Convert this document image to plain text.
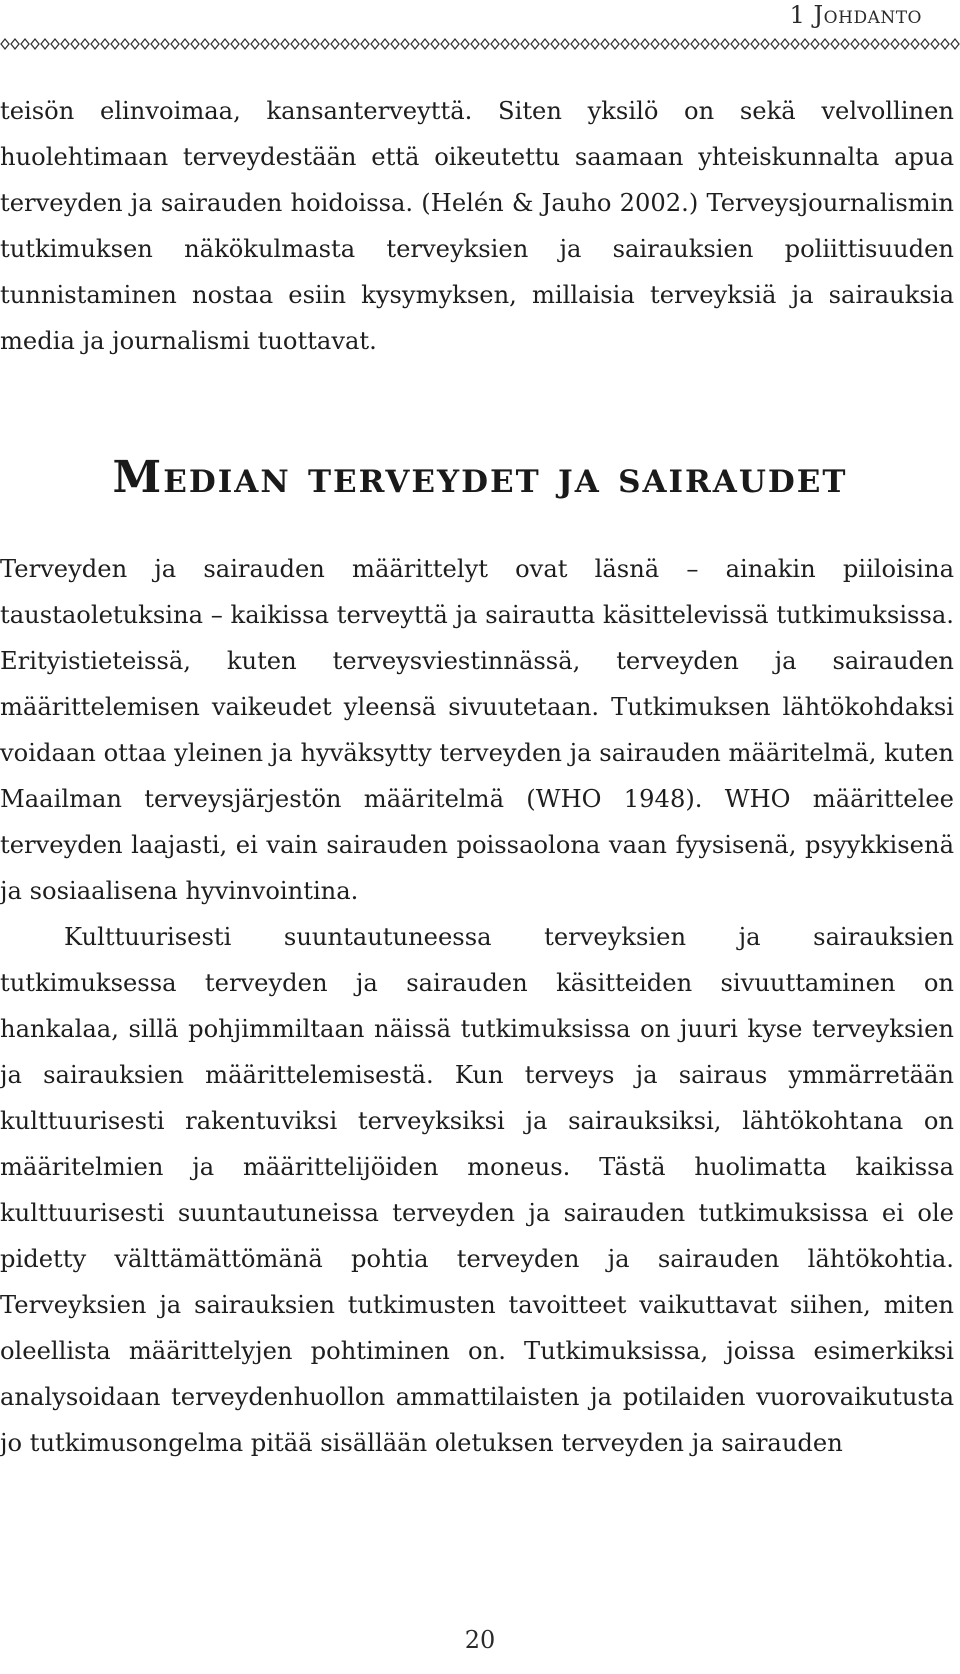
1 Johdanto

teisön elinvoimaa, kansanterveyttä. Siten yksilö on sekä velvollinen huolehtimaan terveydestään että oikeutettu saamaan yhteiskunnalta apua terveyden ja sairauden hoidoissa. (Helén & Jauho 2002.) Terveysjournalismin tutkimuksen näkökulmasta terveyksien ja sairauksien poliittisuuden tunnistaminen nostaa esiin kysymyksen, millaisia terveyksiä ja sairauksia media ja journalismi tuottavat.

Median terveydet ja sairaudet

Terveyden ja sairauden määrittelyt ovat läsnä – ainakin piiloisina taustaoletuksina – kaikissa terveyttä ja sairautta käsittelevissä tutkimuksissa. Erityistieteissä, kuten terveysviestinnässä, terveyden ja sairauden määrittelemisen vaikeudet yleensä sivuutetaan. Tutkimuksen lähtökohdaksi voidaan ottaa yleinen ja hyväksytty terveyden ja sairauden määritelmä, kuten Maailman terveysjärjestön määritelmä (WHO 1948). WHO määrittelee terveyden laajasti, ei vain sairauden poissaolona vaan fyysisenä, psyykkisenä ja sosiaalisena hyvinvointina.

Kulttuurisesti suuntautuneessa terveyksien ja sairauksien tutkimuksessa terveyden ja sairauden käsitteiden sivuuttaminen on hankalaa, sillä pohjimmiltaan näissä tutkimuksissa on juuri kyse terveyksien ja sairauksien määrittelemisestä. Kun terveys ja sairaus ymmärretään kulttuurisesti rakentuviksi terveyksiksi ja sairauksiksi, lähtökohtana on määritelmien ja määrittelijöiden moneus. Tästä huolimatta kaikissa kulttuurisesti suuntautuneissa terveyden ja sairauden tutkimuksissa ei ole pidetty välttämättömänä pohtia terveyden ja sairauden lähtökohtia. Terveyksien ja sairauksien tutkimusten tavoitteet vaikuttavat siihen, miten oleellista määrittelyjen pohtiminen on. Tutkimuksissa, joissa esimerkiksi analysoidaan terveydenhuollon ammattilaisten ja potilaiden vuorovaikutusta jo tutkimusongelma pitää sisällään oletuksen terveyden ja sairauden

20
